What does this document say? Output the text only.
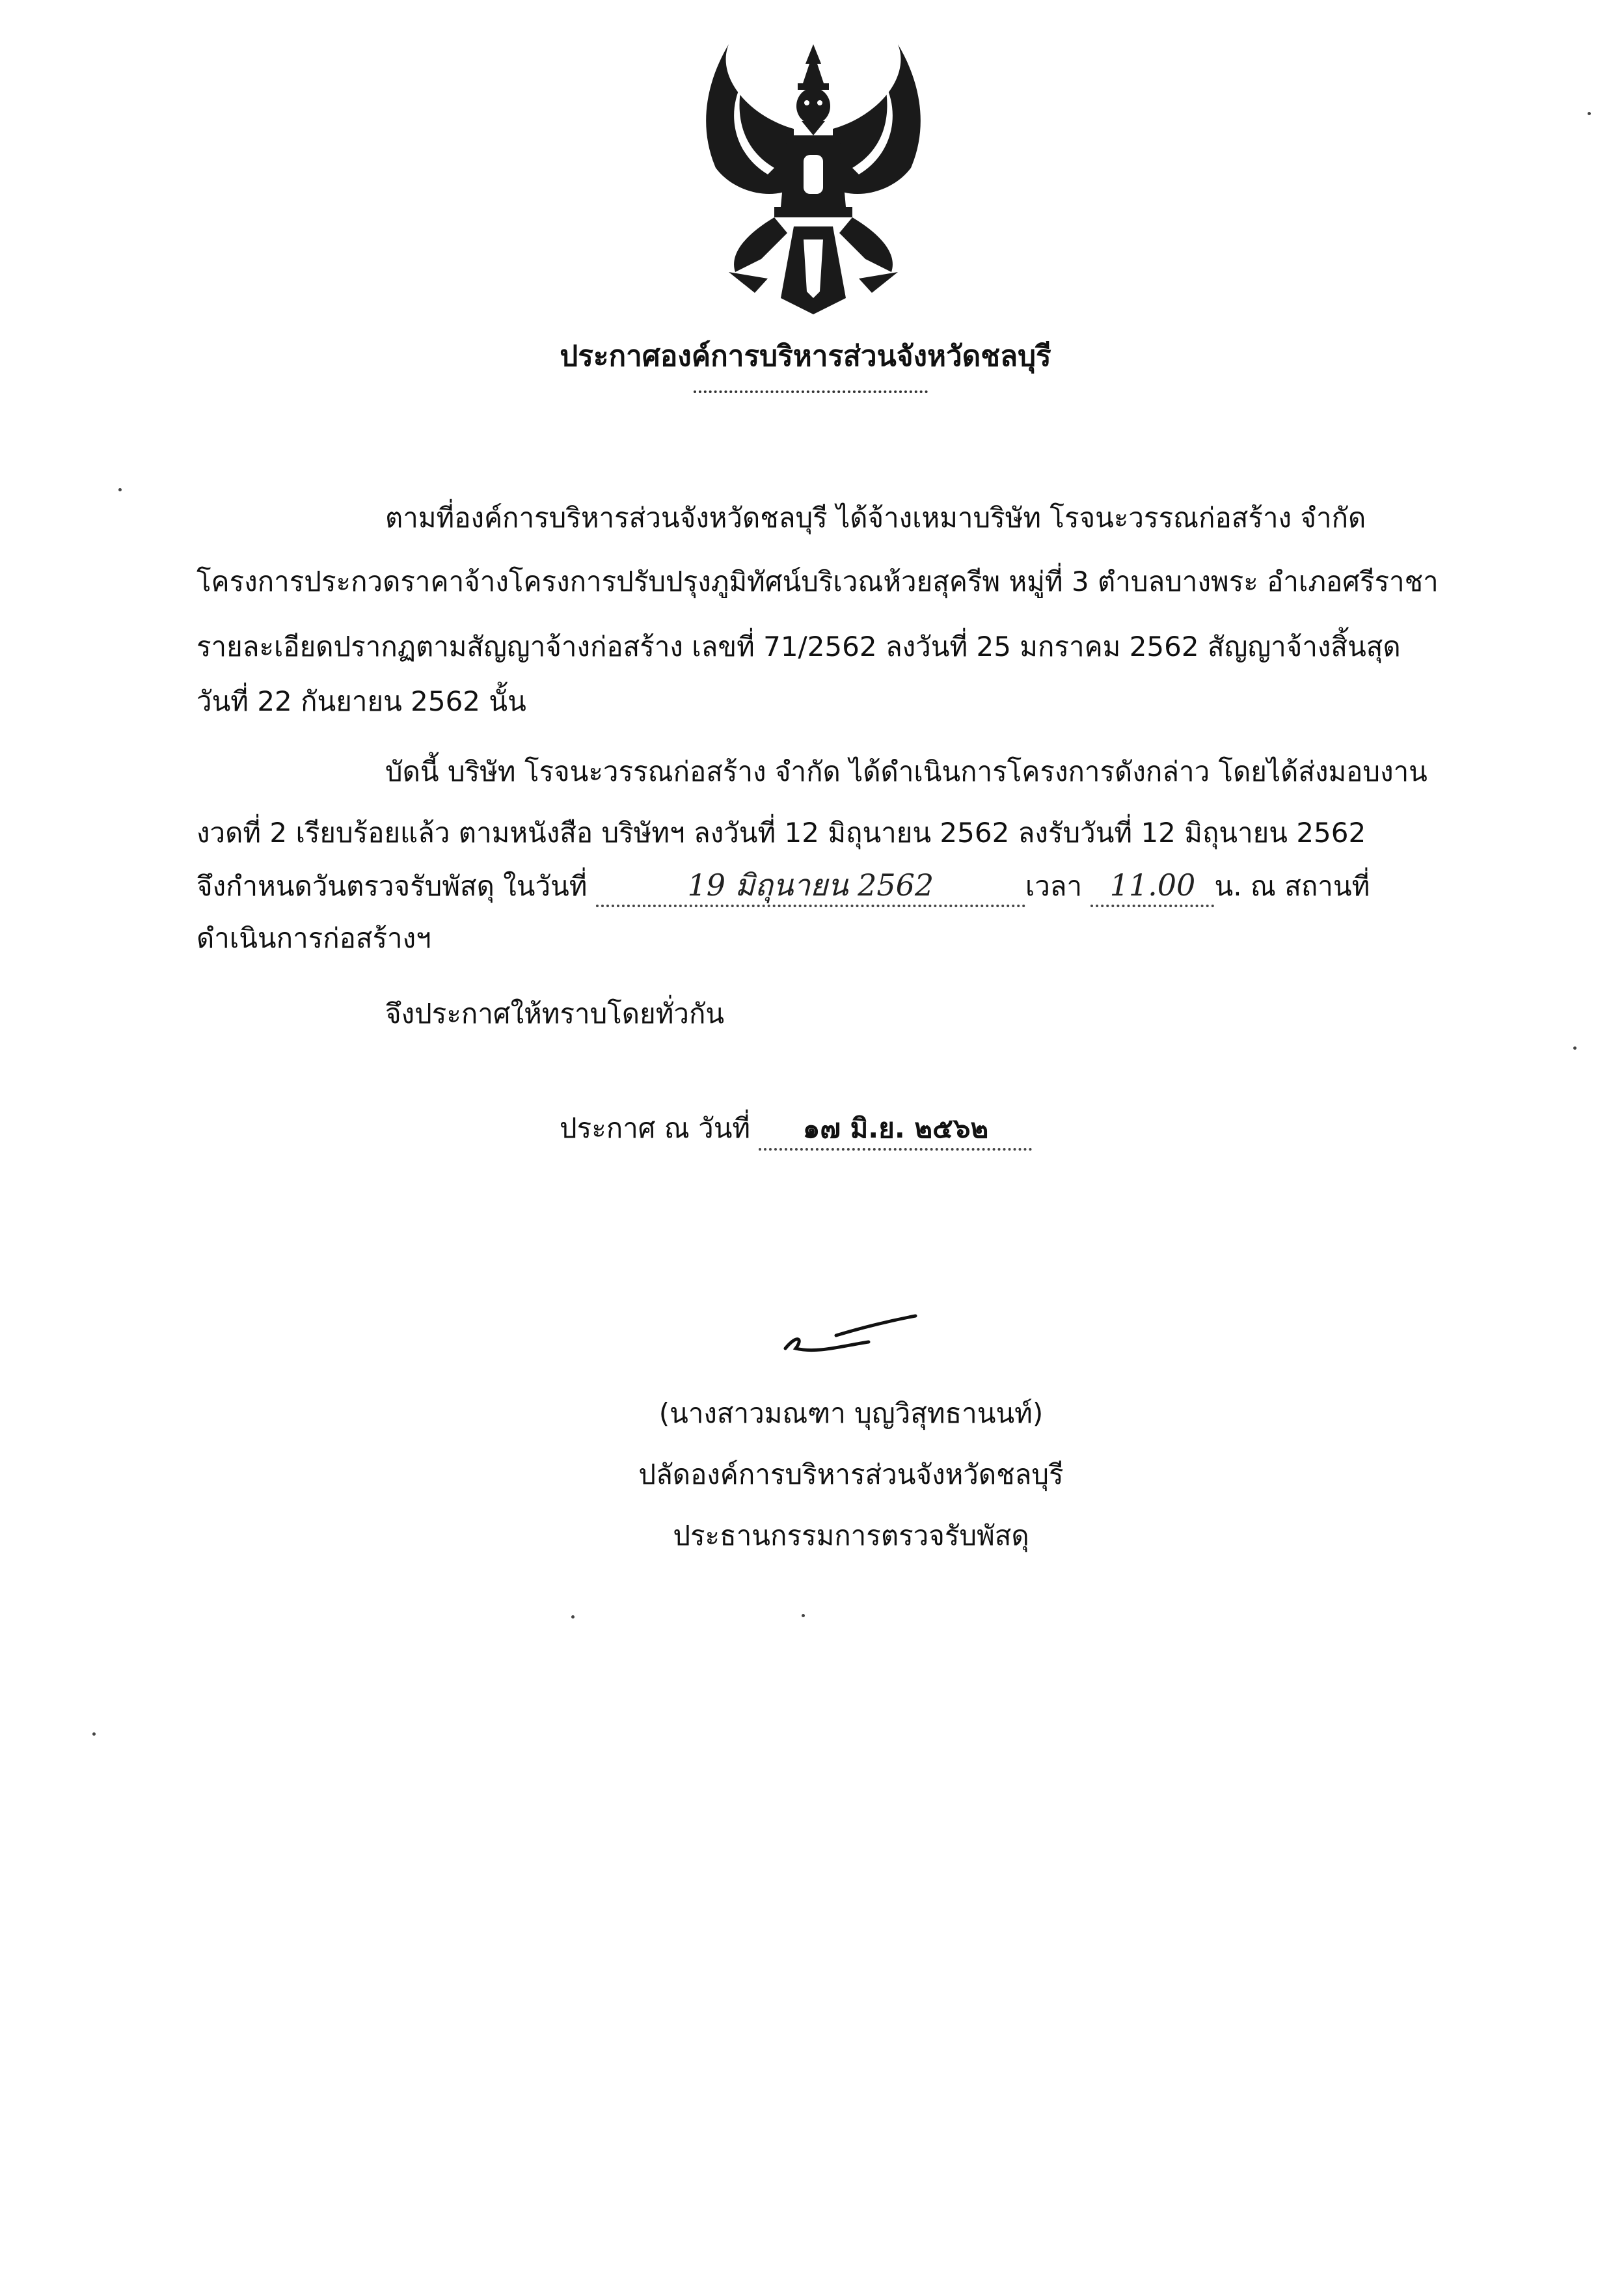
ประกาศองค์การบริหารส่วนจังหวัดชลบุรี
ตามที่องค์การบริหารส่วนจังหวัดชลบุรี ได้จ้างเหมาบริษัท โรจนะวรรณก่อสร้าง จำกัด
โครงการประกวดราคาจ้างโครงการปรับปรุงภูมิทัศน์บริเวณห้วยสุครีพ หมู่ที่ 3 ตำบลบางพระ อำเภอศรีราชา
รายละเอียดปรากฏตามสัญญาจ้างก่อสร้าง เลขที่ 71/2562 ลงวันที่ 25 มกราคม 2562 สัญญาจ้างสิ้นสุด
วันที่ 22 กันยายน 2562 นั้น
บัดนี้ บริษัท โรจนะวรรณก่อสร้าง จำกัด ได้ดำเนินการโครงการดังกล่าว โดยได้ส่งมอบงาน
งวดที่ 2 เรียบร้อยแล้ว ตามหนังสือ บริษัทฯ ลงวันที่ 12 มิถุนายน 2562 ลงรับวันที่ 12 มิถุนายน 2562
จึงกำหนดวันตรวจรับพัสดุ ในวันที่	19 มิถุนายน 2562	เวลา 11.00 น. ณ สถานที่
ดำเนินการก่อสร้างฯ
จึงประกาศให้ทราบโดยทั่วกัน
ประกาศ ณ วันที่ ๑๗ มิ.ย. ๒๕๖๒
(นางสาวมณฑา บุญวิสุทธานนท์)
ปลัดองค์การบริหารส่วนจังหวัดชลบุรี
ประธานกรรมการตรวจรับพัสดุ
